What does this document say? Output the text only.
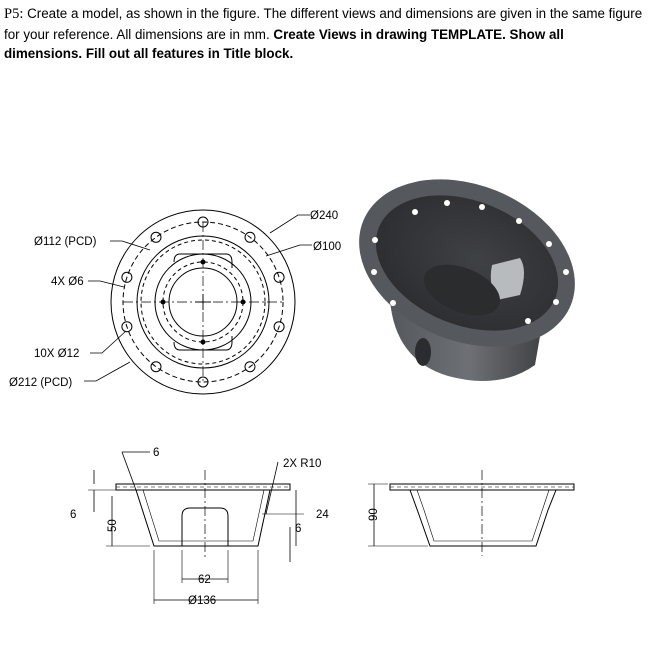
P5: Create a model, as shown in the figure. The different views and dimensions are given in the same figure for your reference. All dimensions are in mm. Create Views in drawing TEMPLATE. Show all dimensions. Fill out all features in Title block.
Ø112 (PCD)
4X Ø6
10X Ø12
Ø212 (PCD)
Ø240
Ø100
6
2X R10
6
50
24
6
62
Ø136
90
